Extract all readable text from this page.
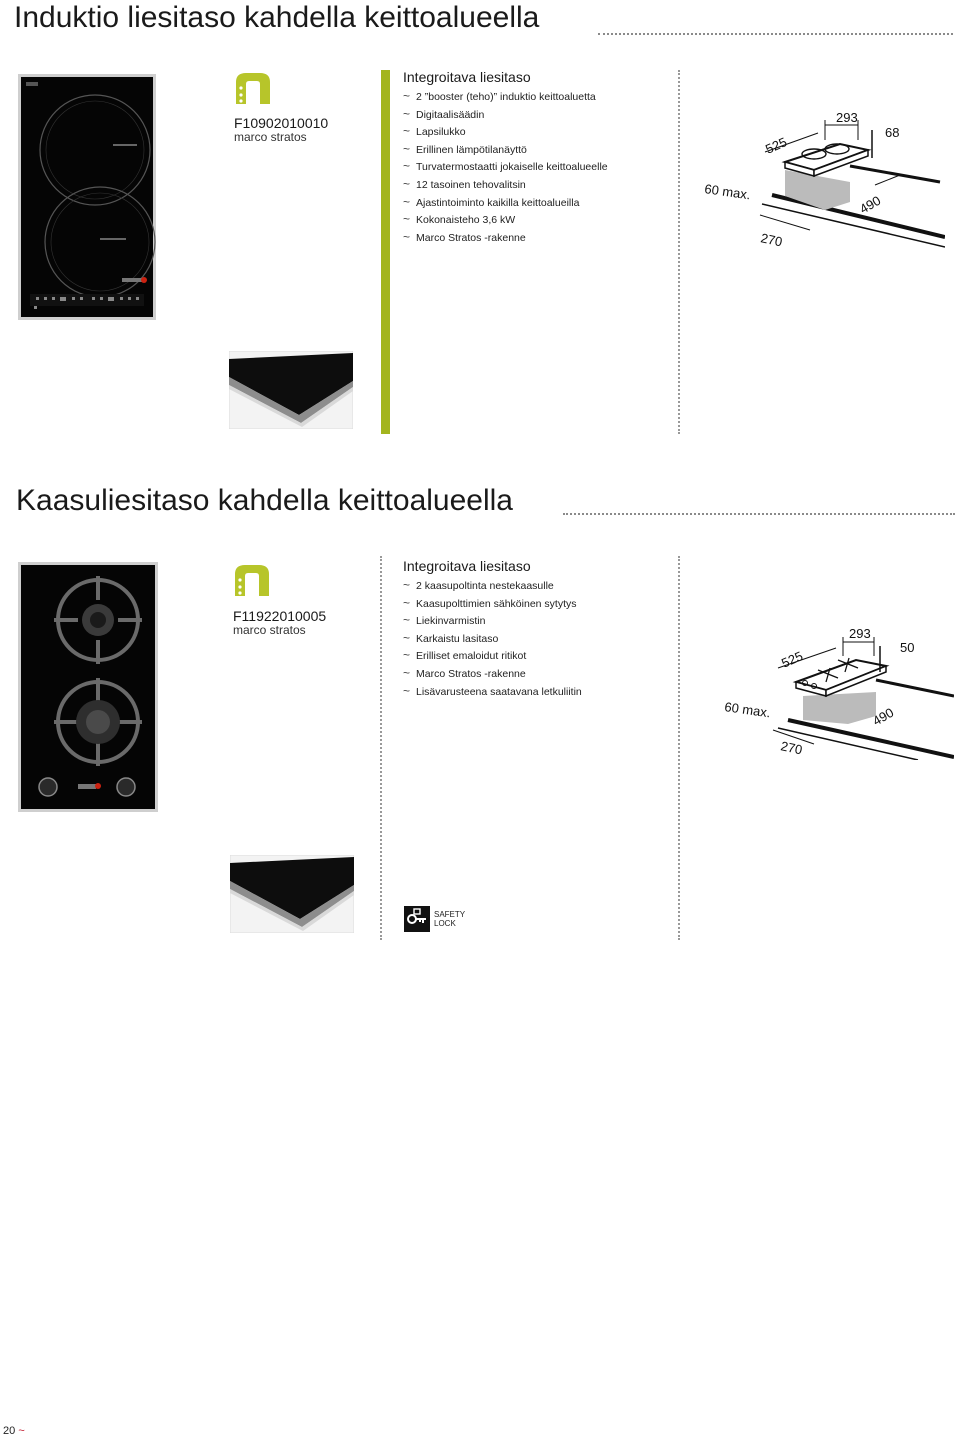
Induktio liesitaso kahdella keittoalueella
F10902010010
marco stratos
Integroitava liesitaso
~ 2 ”booster (teho)” induktio keittoaluetta
~ Digitaalisäädin
~ Lapsilukko
~ Erillinen lämpötilanäyttö
~ Turvatermostaatti jokaiselle keittoalueelle
~ 12 tasoinen tehovalitsin
~ Ajastintoiminto kaikilla keittoalueilla
~ Kokonaisteho 3,6 kW
~ Marco Stratos -rakenne
525
293
68
60 max.
490
270
Kaasuliesitaso kahdella keittoalueella
F11922010005
marco stratos
Integroitava liesitaso
~ 2 kaasupoltinta nestekaasulle
~ Kaasupolttimien sähköinen sytytys
~ Liekinvarmistin
~ Karkaistu lasitaso
~ Erilliset emaloidut ritikot
~ Marco Stratos -rakenne
~ Lisävarusteena saatavana letkuliitin
525
293
50
60 max.	490
270
SAFETY
LOCK
20 ~
